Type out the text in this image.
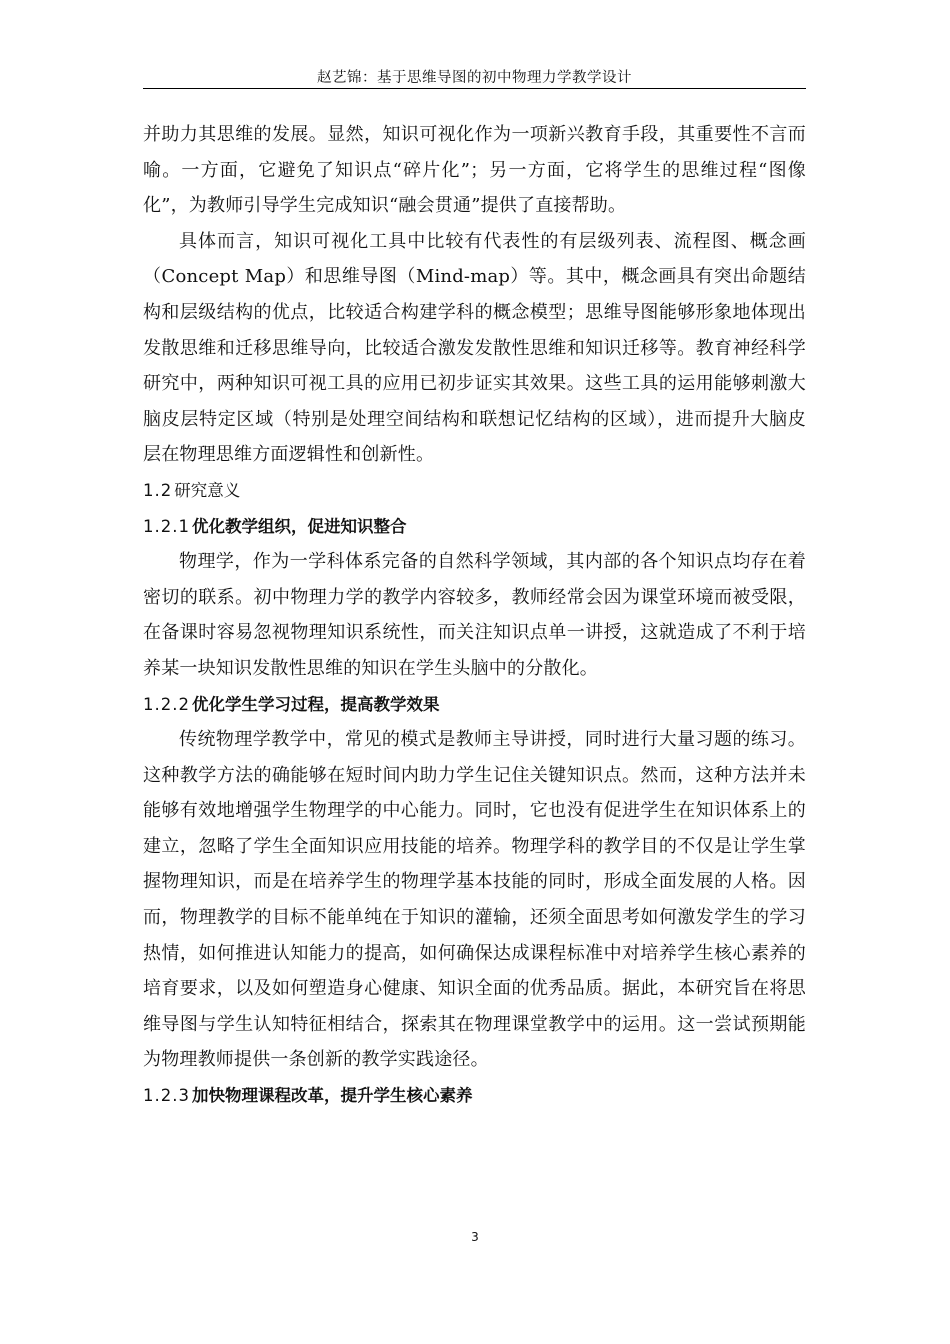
赵艺锦：基于思维导图的初中物理力学教学设计

并助力其思维的发展。显然，知识可视化作为一项新兴教育手段，其重要性不言而喻。一方面，它避免了知识点“碎片化”；另一方面，它将学生的思维过程“图像化”，为教师引导学生完成知识“融会贯通”提供了直接帮助。

具体而言，知识可视化工具中比较有代表性的有层级列表、流程图、概念画（Concept Map）和思维导图（Mind-map）等。其中，概念画具有突出命题结构和层级结构的优点，比较适合构建学科的概念模型；思维导图能够形象地体现出发散思维和迁移思维导向，比较适合激发发散性思维和知识迁移等。教育神经科学研究中，两种知识可视工具的应用已初步证实其效果。这些工具的运用能够刺激大脑皮层特定区域（特别是处理空间结构和联想记忆结构的区域），进而提升大脑皮层在物理思维方面逻辑性和创新性。

1.2 研究意义
1.2.1 优化教学组织，促进知识整合

物理学，作为一学科体系完备的自然科学领域，其内部的各个知识点均存在着密切的联系。初中物理力学的教学内容较多，教师经常会因为课堂环境而被受限，在备课时容易忽视物理知识系统性，而关注知识点单一讲授，这就造成了不利于培养某一块知识发散性思维的知识在学生头脑中的分散化。

1.2.2 优化学生学习过程，提高教学效果

传统物理学教学中，常见的模式是教师主导讲授，同时进行大量习题的练习。这种教学方法的确能够在短时间内助力学生记住关键知识点。然而，这种方法并未能够有效地增强学生物理学的中心能力。同时，它也没有促进学生在知识体系上的建立，忽略了学生全面知识应用技能的培养。物理学科的教学目的不仅是让学生掌握物理知识，而是在培养学生的物理学基本技能的同时，形成全面发展的人格。因而，物理教学的目标不能单纯在于知识的灌输，还须全面思考如何激发学生的学习热情，如何推进认知能力的提高，如何确保达成课程标准中对培养学生核心素养的培育要求，以及如何塑造身心健康、知识全面的优秀品质。据此，本研究旨在将思维导图与学生认知特征相结合，探索其在物理课堂教学中的运用。这一尝试预期能为物理教师提供一条创新的教学实践途径。

1.2.3 加快物理课程改革，提升学生核心素养
3
